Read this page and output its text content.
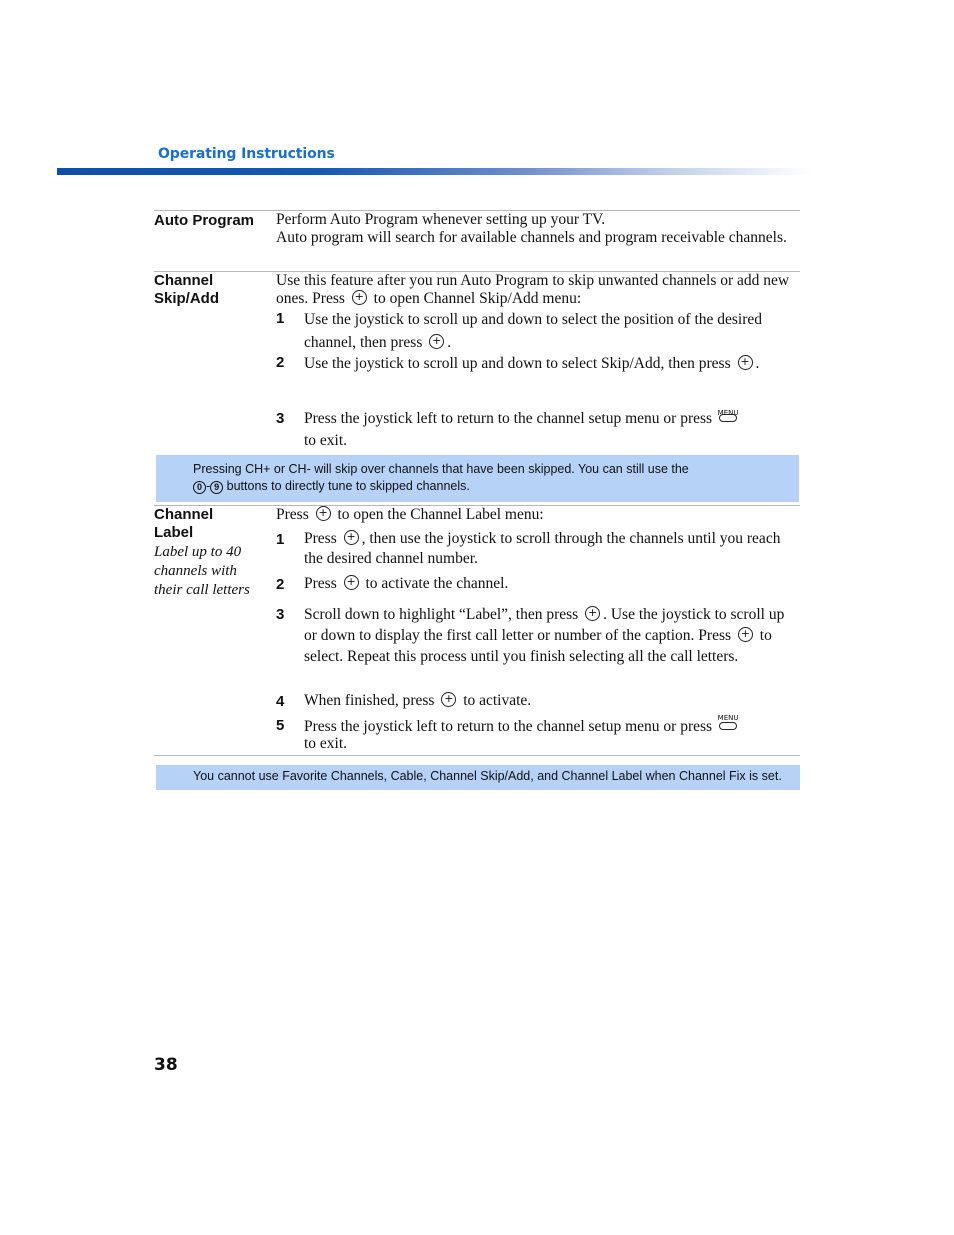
Operating Instructions
Auto Program Perform Auto Program whenever setting up your TV.
Auto program will search for available channels and program receivable channels.
Channel
Skip/Add
Use this feature after you run Auto Program to skip unwanted channels or add new ones. Press + to open Channel Skip/Add menu:
1 Use the joystick to scroll up and down to select the position of the desired channel, then press + .
2 Use the joystick to scroll up and down to select Skip/Add, then press + .
3 Press the joystick left to return to the channel setup menu or press MENU

to exit.
Pressing CH+ or CH- will skip over channels that have been skipped. You can still use the
0 - 9 buttons to directly tune to skipped channels.
Channel
Label
Label up to 40 channels with their call letters
Press + to open the Channel Label menu:
1 Press + , then use the joystick to scroll through the channels until you reach the desired channel number.
2 Press + to activate the channel.
3 Scroll down to highlight “Label”, then press + . Use the joystick to scroll up or down to display the first call letter or number of the caption. Press + to select. Repeat this process until you finish selecting all the call letters.
4 When finished, press + to activate.
5 Press the joystick left to return to the channel setup menu or press MENU

to exit.
You cannot use Favorite Channels, Cable, Channel Skip/Add, and Channel Label when Channel Fix is set.
38
